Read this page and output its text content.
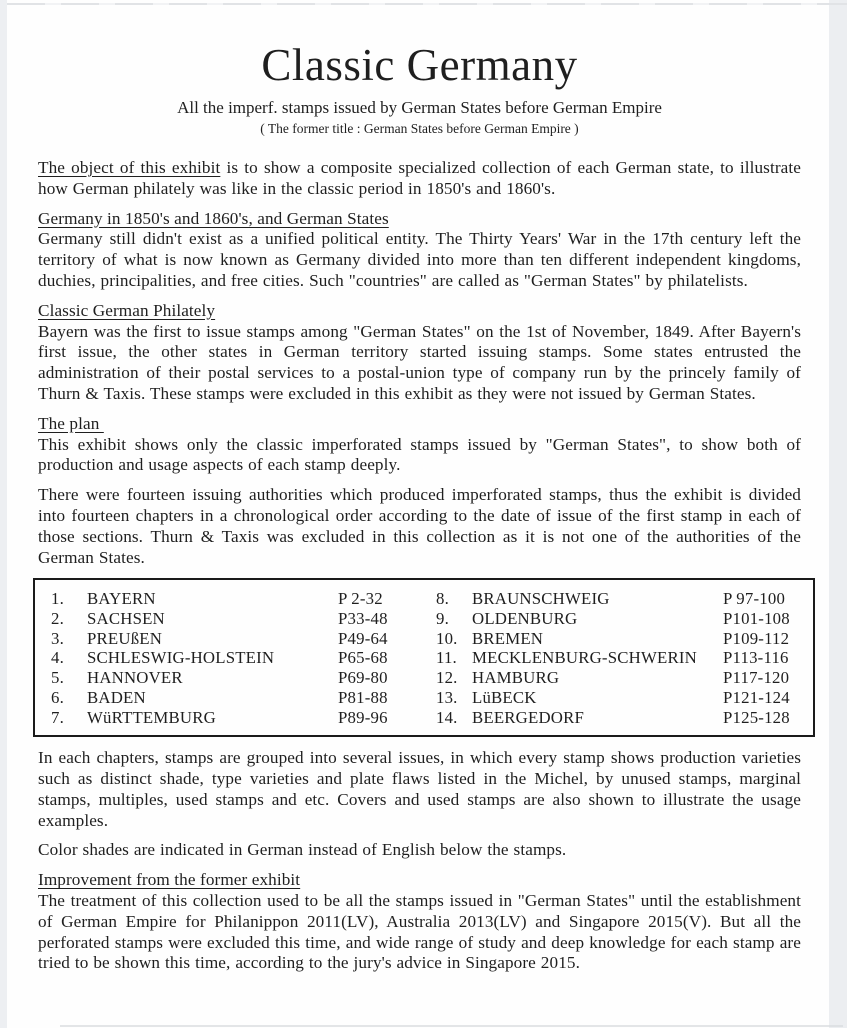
Classic Germany

All the imperf. stamps issued by German States before German Empire

( The former title : German States before German Empire )

The object of this exhibit is to show a composite specialized collection of each German state, to illustrate how German philately was like in the classic period in 1850's and 1860's.

Germany in 1850's and 1860's, and German States

Germany still didn't exist as a unified political entity. The Thirty Years' War in the 17th century left the territory of what is now known as Germany divided into more than ten different independent kingdoms, duchies, principalities, and free cities. Such "countries" are called as "German States" by philatelists.

Classic German Philately

Bayern was the first to issue stamps among "German States" on the 1st of November, 1849. After Bayern's first issue, the other states in German territory started issuing stamps. Some states entrusted the administration of their postal services to a postal-union type of company run by the princely family of Thurn & Taxis. These stamps were excluded in this exhibit as they were not issued by German States.

The plan

This exhibit shows only the classic imperforated stamps issued by "German States", to show both of production and usage aspects of each stamp deeply.

There were fourteen issuing authorities which produced imperforated stamps, thus the exhibit is divided into fourteen chapters in a chronological order according to the date of issue of the first stamp in each of those sections. Thurn & Taxis was excluded in this collection as it is not one of the authorities of the German States.

1.	BAYERN	P 2-32
2.	SACHSEN	P33-48
3.	PREUßEN	P49-64
4.	SCHLESWIG-HOLSTEIN	P65-68
5.	HANNOVER	P69-80
6.	BADEN	P81-88
7.	WüRTTEMBURG	P89-96
8.	BRAUNSCHWEIG	P 97-100
9.	OLDENBURG	P101-108
10. BREMEN	P109-112
11. MECKLENBURG-SCHWERIN	P113-116
12. HAMBURG	P117-120
13. LüBECK	P121-124
14. BEERGEDORF	P125-128

In each chapters, stamps are grouped into several issues, in which every stamp shows production varieties such as distinct shade, type varieties and plate flaws listed in the Michel, by unused stamps, marginal stamps, multiples, used stamps and etc. Covers and used stamps are also shown to illustrate the usage examples.

Color shades are indicated in German instead of English below the stamps.

Improvement from the former exhibit

The treatment of this collection used to be all the stamps issued in "German States" until the establishment of German Empire for Philanippon 2011(LV), Australia 2013(LV) and Singapore 2015(V). But all the perforated stamps were excluded this time, and wide range of study and deep knowledge for each stamp are tried to be shown this time, according to the jury's advice in Singapore 2015.
